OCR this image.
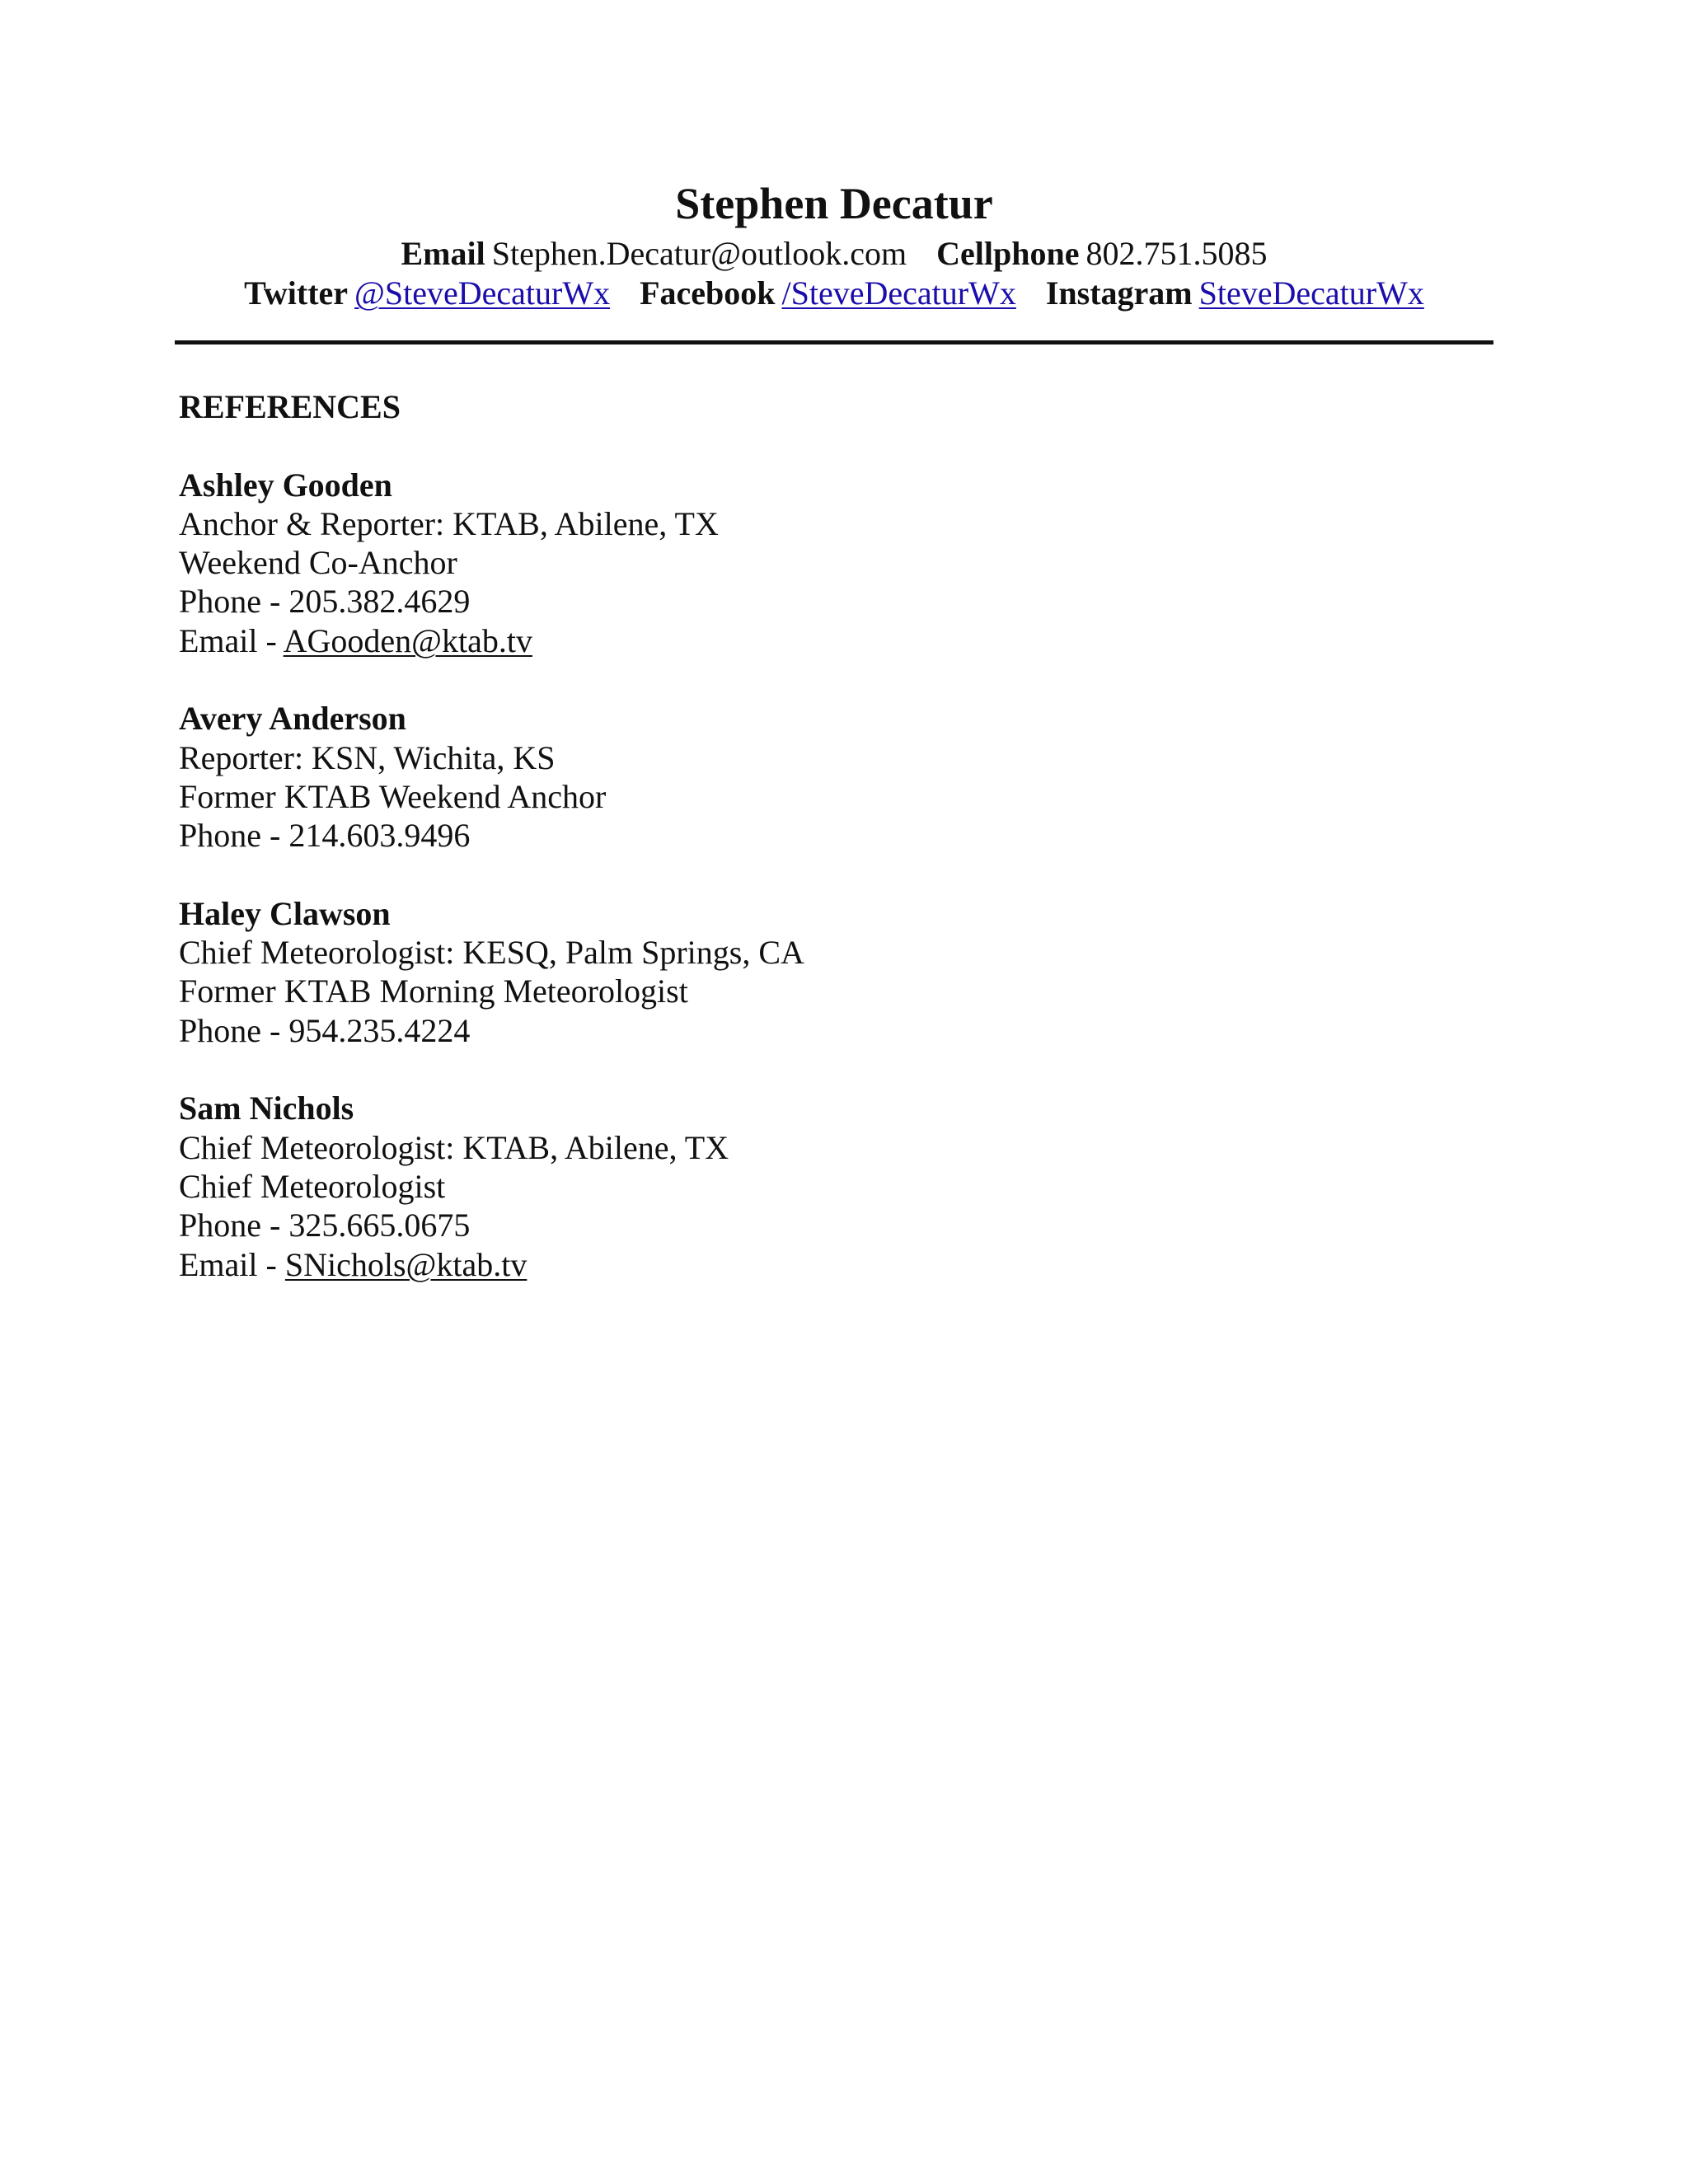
Stephen Decatur
Email Stephen.Decatur@outlook.com Cellphone 802.751.5085
Twitter @SteveDecaturWx Facebook /SteveDecaturWx Instagram SteveDecaturWx
REFERENCES
Ashley Gooden
Anchor & Reporter: KTAB, Abilene, TX
Weekend Co-Anchor
Phone - 205.382.4629
Email - AGooden@ktab.tv
Avery Anderson
Reporter: KSN, Wichita, KS
Former KTAB Weekend Anchor
Phone - 214.603.9496
Haley Clawson
Chief Meteorologist: KESQ, Palm Springs, CA
Former KTAB Morning Meteorologist
Phone - 954.235.4224
Sam Nichols
Chief Meteorologist: KTAB, Abilene, TX
Chief Meteorologist
Phone - 325.665.0675
Email - SNichols@ktab.tv
